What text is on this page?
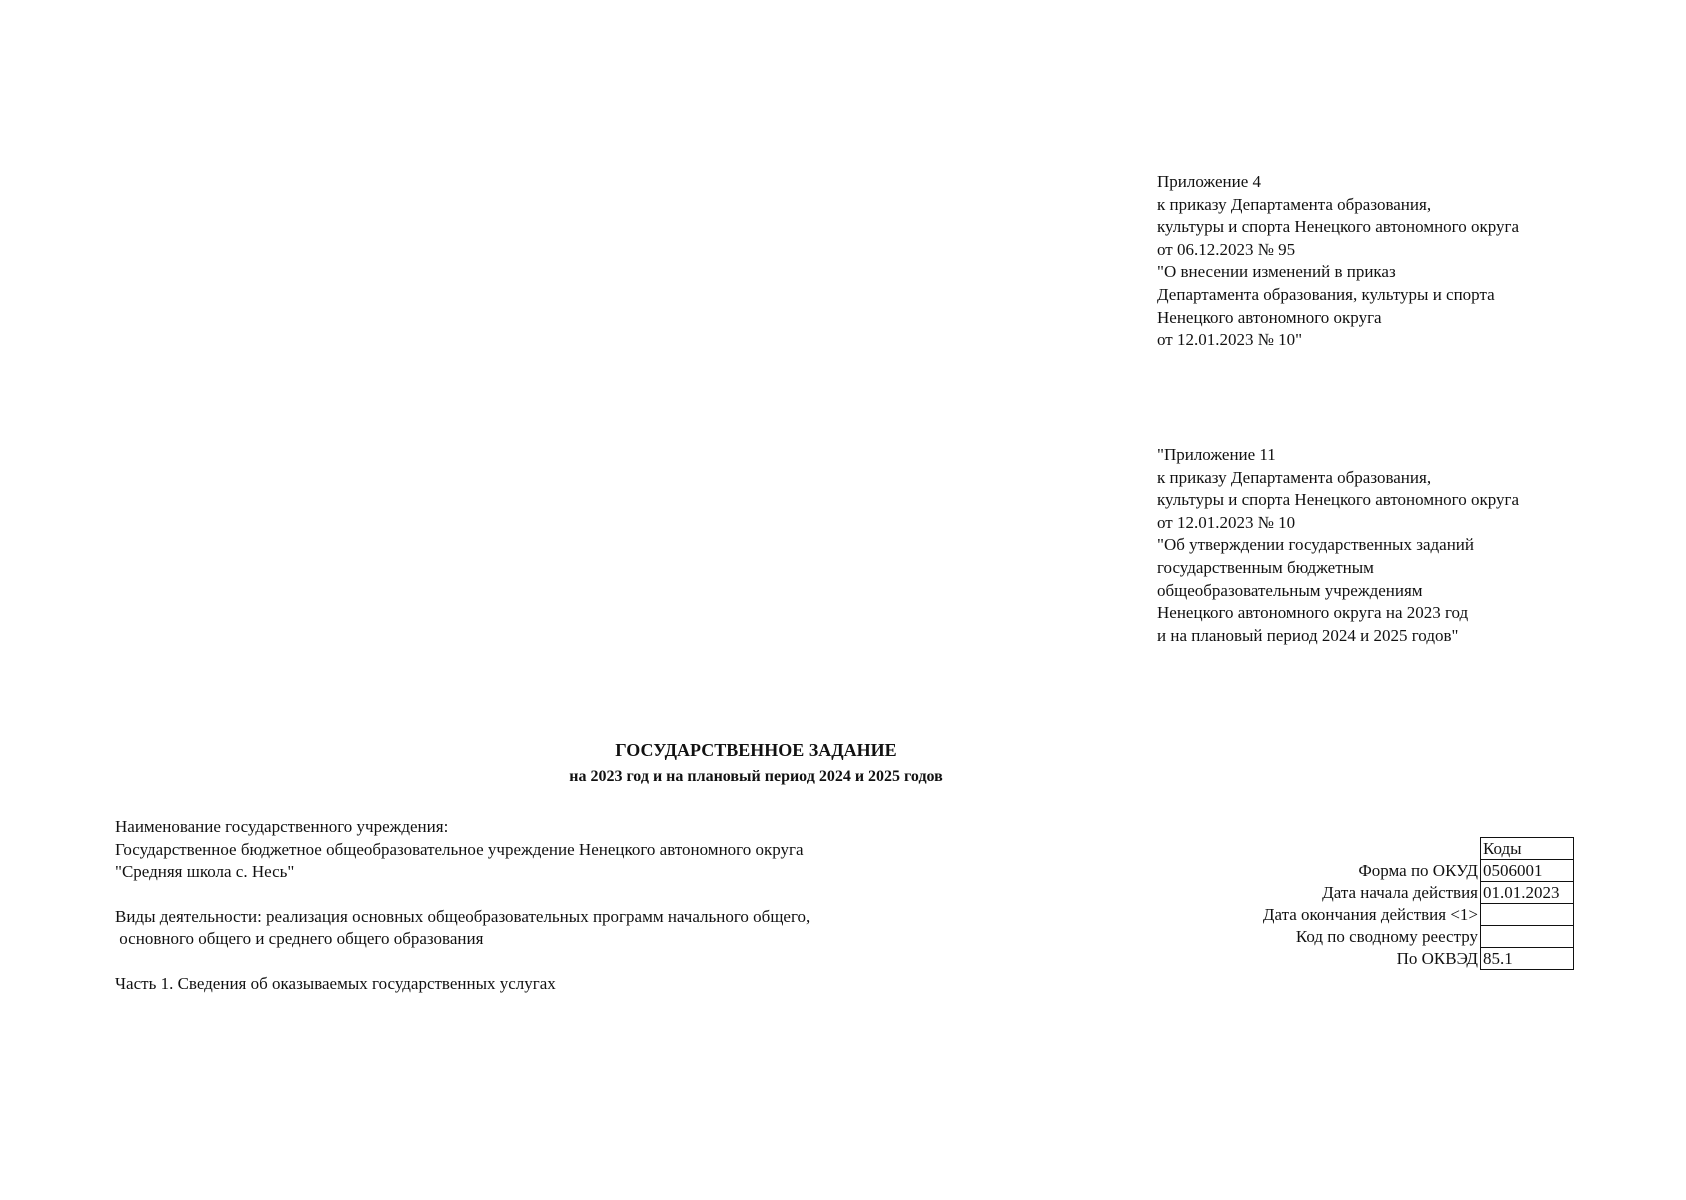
Приложение 4
к приказу Департамента образования,
культуры и спорта Ненецкого автономного округа
от 06.12.2023 № 95
"О внесении изменений в приказ
Департамента образования, культуры и спорта
Ненецкого автономного округа
от 12.01.2023 № 10"
"Приложение 11
к приказу Департамента образования,
культуры и спорта Ненецкого автономного округа
от 12.01.2023 № 10
"Об утверждении государственных заданий
государственным бюджетным
общеобразовательным учреждениям
Ненецкого автономного округа на 2023 год
и на плановый период 2024 и 2025 годов"
ГОСУДАРСТВЕННОЕ ЗАДАНИЕ
на 2023 год и на плановый период 2024 и 2025 годов
Наименование государственного учреждения:
Государственное бюджетное общеобразовательное учреждение Ненецкого автономного округа
"Средняя школа с. Несь"
Виды деятельности: реализация основных общеобразовательных программ начального общего,
основного общего и среднего общего образования
Часть 1. Сведения об оказываемых государственных услугах
	Коды
Форма по ОКУД	0506001
Дата начала действия	01.01.2023
Дата окончания действия <1>	
Код по сводному реестру	
По ОКВЭД	85.1
